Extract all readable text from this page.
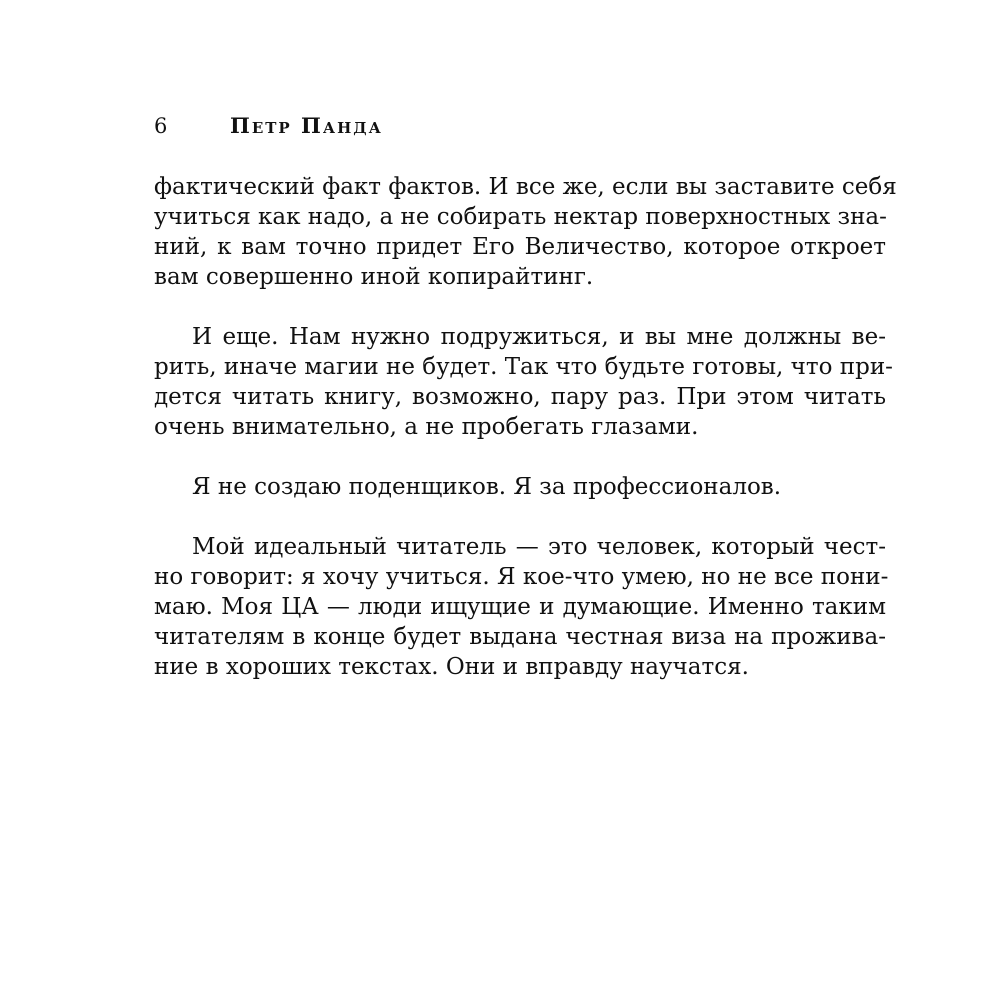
6	Петр Панда
фактический факт фактов. И все же, если вы заставите себя
учиться как надо, а не собирать нектар поверхностных зна-
ний, к вам точно придет Его Величество, которое откроет
вам совершенно иной копирайтинг.
И еще. Нам нужно подружиться, и вы мне должны ве-
рить, иначе магии не будет. Так что будьте готовы, что при-
дется читать книгу, возможно, пару раз. При этом читать
очень внимательно, а не пробегать глазами.
Я не создаю поденщиков. Я за профессионалов.
Мой идеальный читатель — это человек, который чест-
но говорит: я хочу учиться. Я кое-что умею, но не все пони-
маю. Моя ЦА — люди ищущие и думающие. Именно таким
читателям в конце будет выдана честная виза на прожива-
ние в хороших текстах. Они и вправду научатся.
